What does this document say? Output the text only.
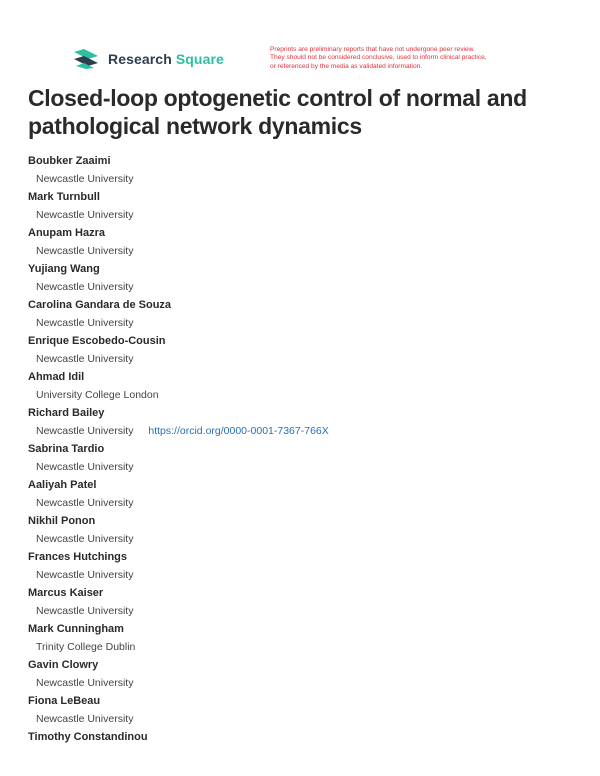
Research Square
Preprints are preliminary reports that have not undergone peer review.
They should not be considered conclusive, used to inform clinical practice,
or referenced by the media as validated information.
Closed-loop optogenetic control of normal and pathological network dynamics
Boubker Zaaimi
Newcastle University
Mark Turnbull
Newcastle University
Anupam Hazra
Newcastle University
Yujiang Wang
Newcastle University
Carolina Gandara de Souza
Newcastle University
Enrique Escobedo-Cousin
Newcastle University
Ahmad Idil
University College London
Richard Bailey
Newcastle University https://orcid.org/0000-0001-7367-766X
Sabrina Tardio
Newcastle University
Aaliyah Patel
Newcastle University
Nikhil Ponon
Newcastle University
Frances Hutchings
Newcastle University
Marcus Kaiser
Newcastle University
Mark Cunningham
Trinity College Dublin
Gavin Clowry
Newcastle University
Fiona LeBeau
Newcastle University
Timothy Constandinou
